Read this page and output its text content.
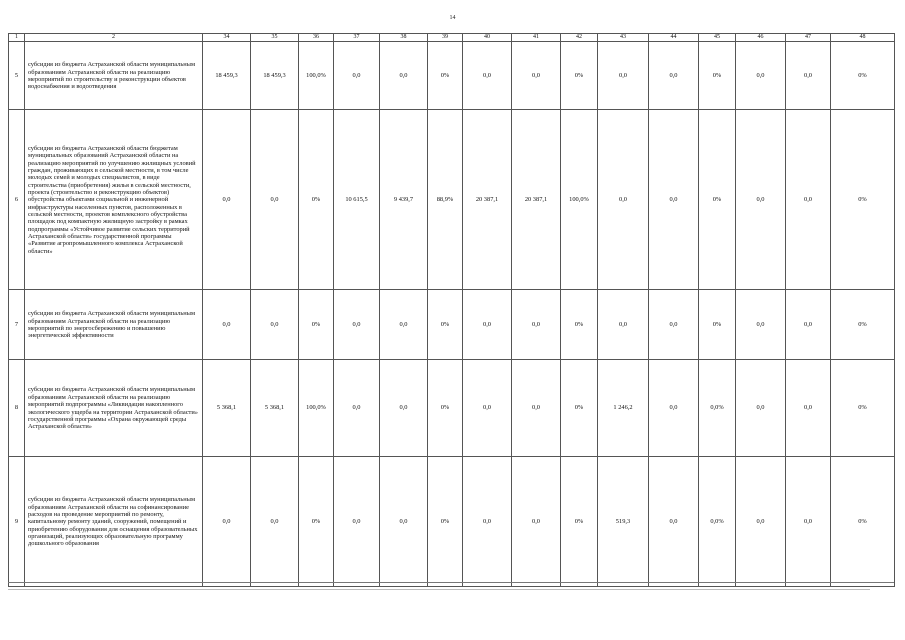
14
1	2	34	35	36	37	38	39	40	41	42	43	44	45	46	47	48
5	субсидия из бюджета Астраханской области муниципальным образованиям Астраханской области на реализацию мероприятий по строительству и реконструкции объектов водоснабжения и водоотведения	18 459,3	18 459,3	100,0%	0,0	0,0	0%	0,0	0,0	0%	0,0	0,0	0%	0,0	0,0	0%
6	субсидия из бюджета Астраханской области бюджетам муниципальных образований Астраханской области на реализацию мероприятий по улучшению жилищных условий граждан, проживающих в сельской местности, в том числе молодых семей и молодых специалистов, в виде строительства (приобретения) жилья в сельской местности, проекта (строительство и реконструкцию объектов) обустройства объектами социальной и инженерной инфраструктуры населенных пунктов, расположенных в сельской местности, проектов комплексного обустройства площадок под компактную жилищную застройку в рамках подпрограммы «Устойчивое развитие сельских территорий Астраханской области» государственной программы «Развитие агропромышленного комплекса Астраханской области»	0,0	0,0	0%	10 615,5	9 439,7	88,9%	20 387,1	20 387,1	100,0%	0,0	0,0	0%	0,0	0,0	0%
7	субсидия из бюджета Астраханской области муниципальным образованиям Астраханской области на реализацию мероприятий по энергосбережению и повышению энергетической эффективности	0,0	0,0	0%	0,0	0,0	0%	0,0	0,0	0%	0,0	0,0	0%	0,0	0,0	0%
8	субсидия из бюджета Астраханской области муниципальным образованиям Астраханской области на реализацию мероприятий подпрограммы «Ликвидация накопленного экологического ущерба на территории Астраханской области» государственной программы «Охрана окружающей среды Астраханской области»	5 368,1	5 368,1	100,0%	0,0	0,0	0%	0,0	0,0	0%	1 246,2	0,0	0,0%	0,0	0,0	0%
9	субсидия из бюджета Астраханской области муниципальным образованиям Астраханской области на софинансирование расходов на проведение мероприятий по ремонту, капитальному ремонту зданий, сооружений, помещений и приобретению оборудования для оснащения образовательных организаций, реализующих образовательную программу дошкольного образования	0,0	0,0	0%	0,0	0,0	0%	0,0	0,0	0%	519,3	0,0	0,0%	0,0	0,0	0%
